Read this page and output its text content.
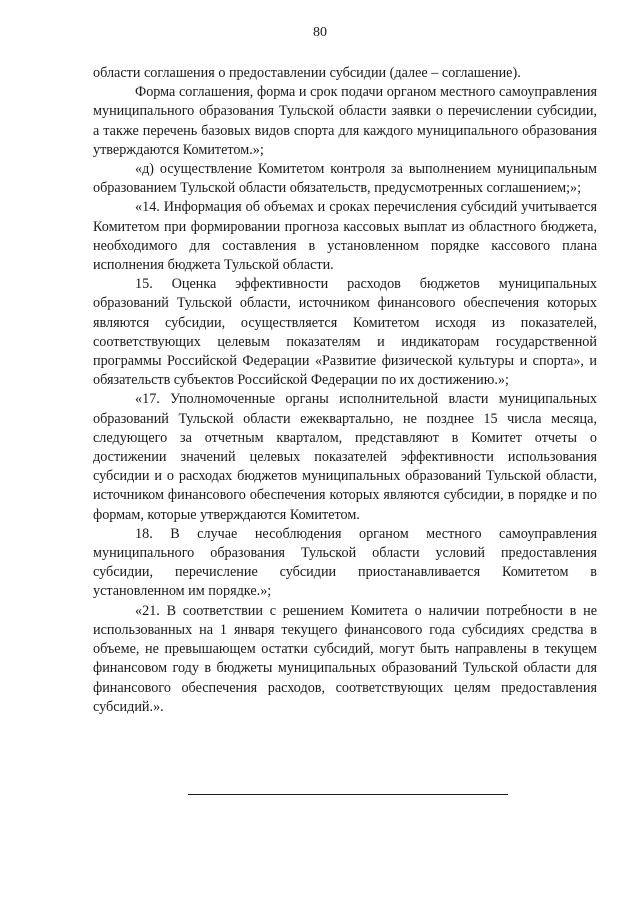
80

области соглашения о предоставлении субсидии (далее – соглашение).

Форма соглашения, форма и срок подачи органом местного самоуправления муниципального образования Тульской области заявки о перечислении субсидии, а также перечень базовых видов спорта для каждого муниципального образования утверждаются Комитетом.»;

«д) осуществление Комитетом контроля за выполнением муниципальным образованием Тульской области обязательств, предусмотренных соглашением;»;

«14. Информация об объемах и сроках перечисления субсидий учитывается Комитетом при формировании прогноза кассовых выплат из областного бюджета, необходимого для составления в установленном порядке кассового плана исполнения бюджета Тульской области.

15. Оценка эффективности расходов бюджетов муниципальных образований Тульской области, источником финансового обеспечения которых являются субсидии, осуществляется Комитетом исходя из показателей, соответствующих целевым показателям и индикаторам государственной программы Российской Федерации «Развитие физической культуры и спорта», и обязательств субъектов Российской Федерации по их достижению.»;

«17. Уполномоченные органы исполнительной власти муниципальных образований Тульской области ежеквартально, не позднее 15 числа месяца, следующего за отчетным кварталом, представляют в Комитет отчеты о достижении значений целевых показателей эффективности использования субсидии и о расходах бюджетов муниципальных образований Тульской области, источником финансового обеспечения которых являются субсидии, в порядке и по формам, которые утверждаются Комитетом.

18. В случае несоблюдения органом местного самоуправления муниципального образования Тульской области условий предоставления субсидии, перечисление субсидии приостанавливается Комитетом в установленном им порядке.»;

«21. В соответствии с решением Комитета о наличии потребности в не использованных на 1 января текущего финансового года субсидиях средства в объеме, не превышающем остатки субсидий, могут быть направлены в текущем финансовом году в бюджеты муниципальных образований Тульской области для финансового обеспечения расходов, соответствующих целям предоставления субсидий.».
